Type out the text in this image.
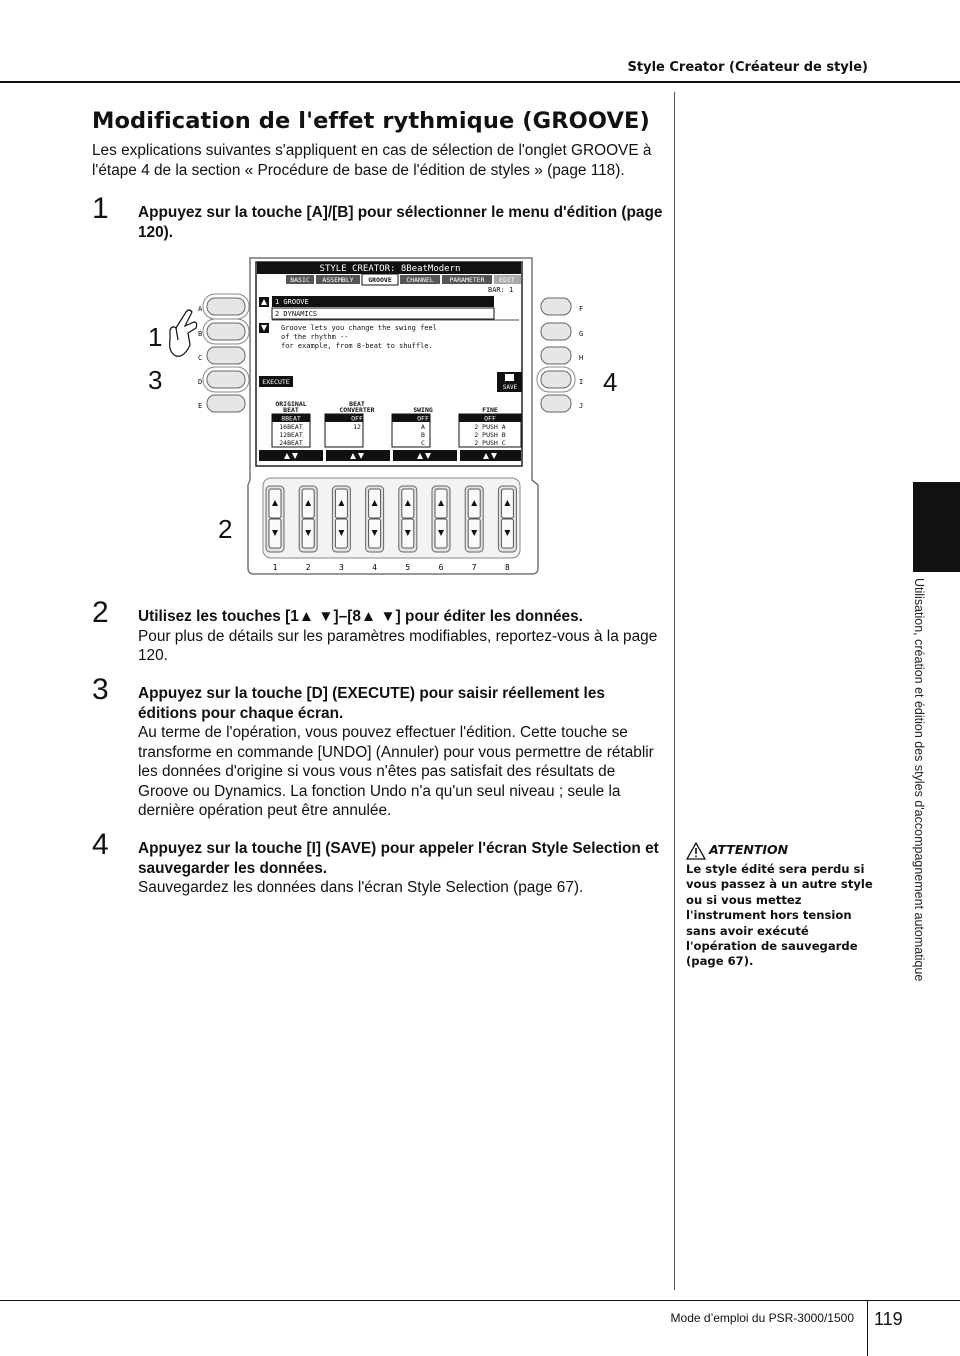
Style Creator (Créateur de style)
Modification de l'effet rythmique (GROOVE)
Les explications suivantes s'appliquent en cas de sélection de l'onglet GROOVE à l'étape 4 de la section « Procédure de base de l'édition de styles » (page 118).
1 Appuyez sur la touche [A]/[B] pour sélectionner le menu d'édition (page 120).
STYLE CREATOR: 8BeatModern
BASIC ASSEMBLY GROOVE CHANNEL PARAMETER EDIT
BAR: 1
1 GROOVE
2 DYNAMICS
Groove lets you change the swing feel
of the rhythm --
for example, from 8-beat to shuffle.
EXECUTE
SAVE
ORIGINAL BEAT
BEAT CONVERTER	SWING	FINE
8BEAT
16BEAT
12BEAT
24BEAT
OFF
12
OFF
A
B
C
OFF
2 PUSH A
2 PUSH B
2 PUSH C
A
B
C
D
E
F
G
H
I
J
1	2	3	4	5	6	7	8
1
3	4
2
2 Utilisez les touches [1▲ ▼]–[8▲ ▼] pour éditer les données.
Pour plus de détails sur les paramètres modifiables, reportez-vous à la page 120.
3 Appuyez sur la touche [D] (EXECUTE) pour saisir réellement les éditions pour chaque écran.
Au terme de l'opération, vous pouvez effectuer l'édition. Cette touche se transforme en commande [UNDO] (Annuler) pour vous permettre de rétablir les données d'origine si vous vous n'êtes pas satisfait des résultats de Groove ou Dynamics. La fonction Undo n'a qu'un seul niveau ; seule la dernière opération peut être annulée.
4 Appuyez sur la touche [I] (SAVE) pour appeler l'écran Style Selection et sauvegarder les données.
Sauvegardez les données dans l'écran Style Selection (page 67).
ATTENTION
Le style édité sera perdu si vous passez à un autre style ou si vous mettez l'instrument hors tension sans avoir exécuté l'opération de sauvegarde (page 67).	Utilisation, création et édition des styles d'accompagnement automatique
Mode d’emploi du PSR-3000/1500 119
